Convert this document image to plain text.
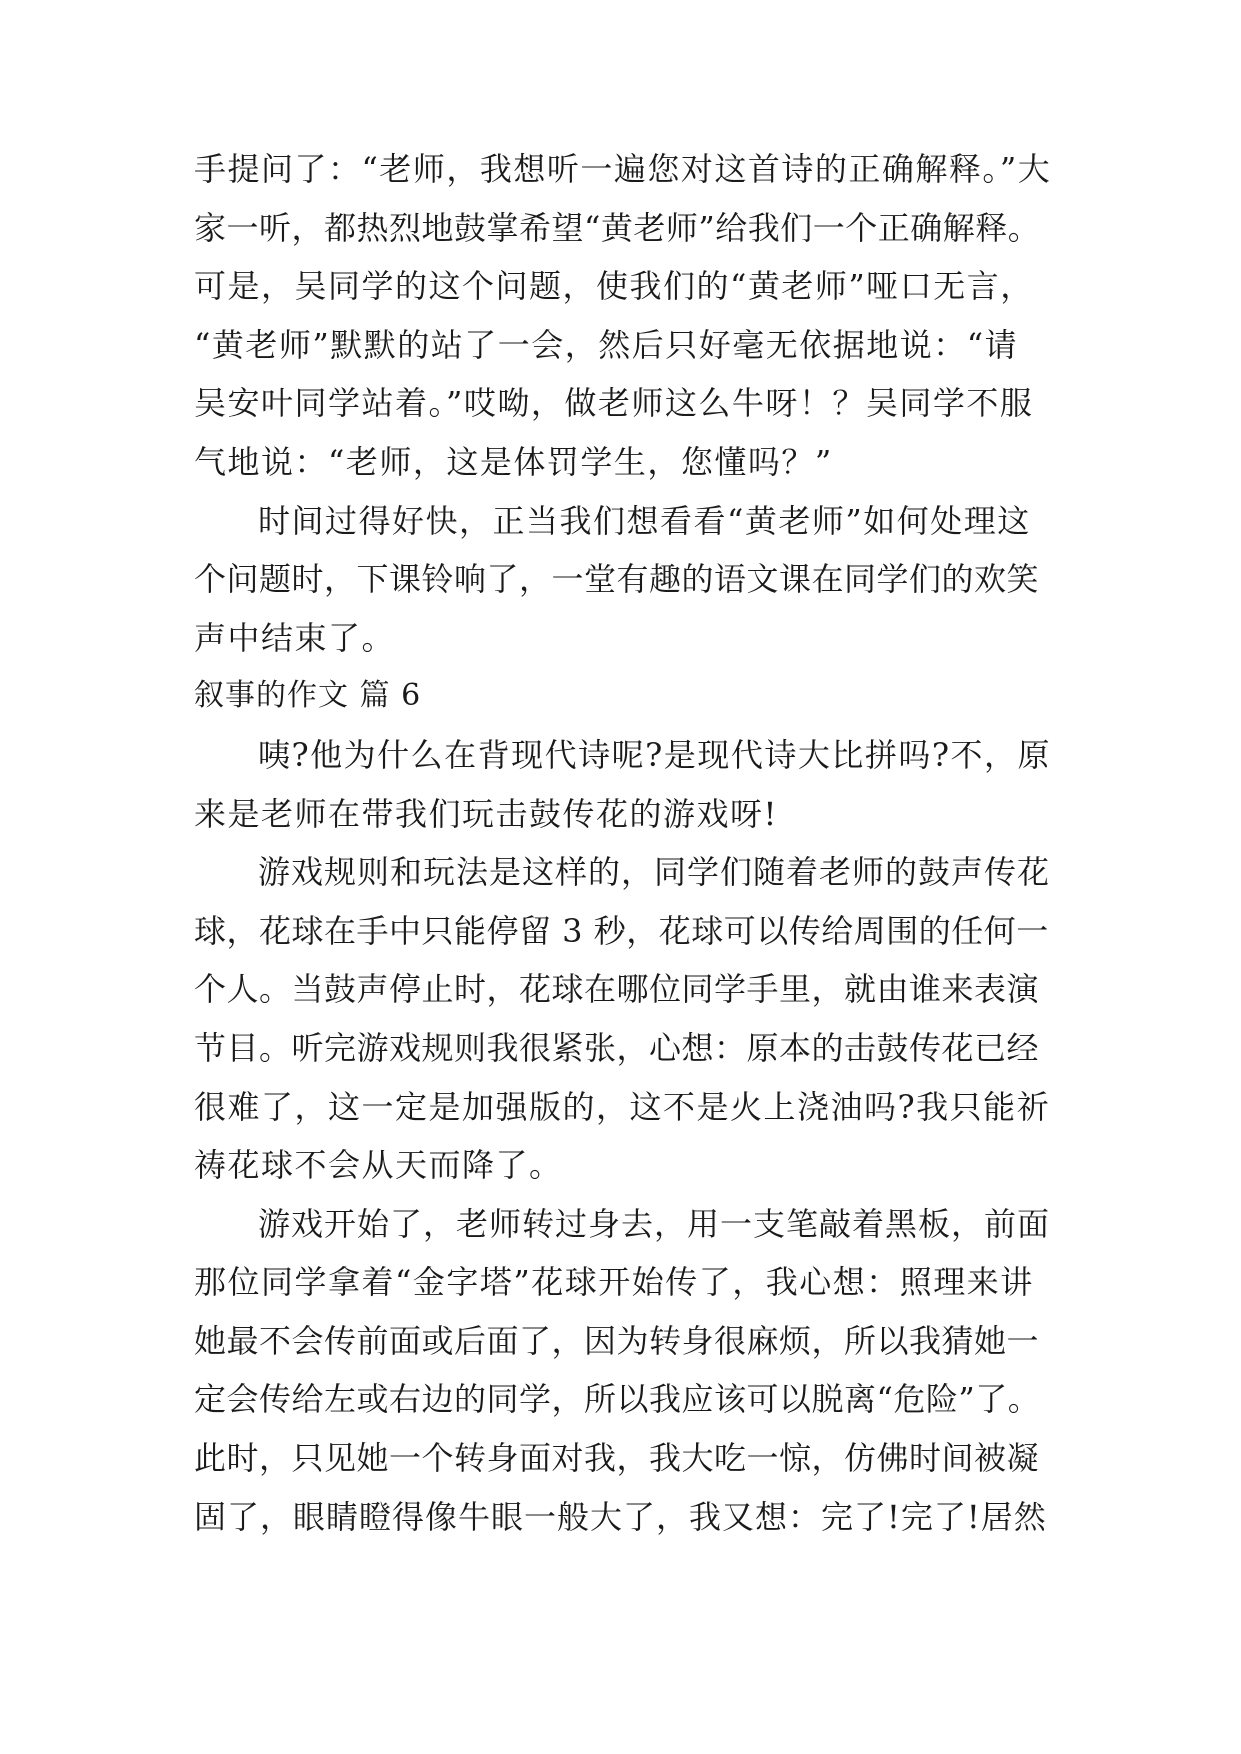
手提问了：“老师，我想听一遍您对这首诗的正确解释。”大
家一听，都热烈地鼓掌希望“黄老师”给我们一个正确解释。
可是，吴同学的这个问题，使我们的“黄老师”哑口无言，
“黄老师”默默的站了一会，然后只好毫无依据地说：“请
吴安叶同学站着。”哎呦，做老师这么牛呀！？吴同学不服
气地说：“老师，这是体罚学生，您懂吗？”
时间过得好快，正当我们想看看“黄老师”如何处理这
个问题时，下课铃响了，一堂有趣的语文课在同学们的欢笑
声中结束了。
叙事的作文 篇 6
咦?他为什么在背现代诗呢?是现代诗大比拼吗?不，原
来是老师在带我们玩击鼓传花的游戏呀!
游戏规则和玩法是这样的，同学们随着老师的鼓声传花
球，花球在手中只能停留 3 秒，花球可以传给周围的任何一
个人。当鼓声停止时，花球在哪位同学手里，就由谁来表演
节目。听完游戏规则我很紧张，心想：原本的击鼓传花已经
很难了，这一定是加强版的，这不是火上浇油吗?我只能祈
祷花球不会从天而降了。
游戏开始了，老师转过身去，用一支笔敲着黑板，前面
那位同学拿着“金字塔”花球开始传了，我心想：照理来讲
她最不会传前面或后面了，因为转身很麻烦，所以我猜她一
定会传给左或右边的同学，所以我应该可以脱离“危险”了。
此时，只见她一个转身面对我，我大吃一惊，仿佛时间被凝
固了，眼睛瞪得像牛眼一般大了，我又想：完了!完了!居然
